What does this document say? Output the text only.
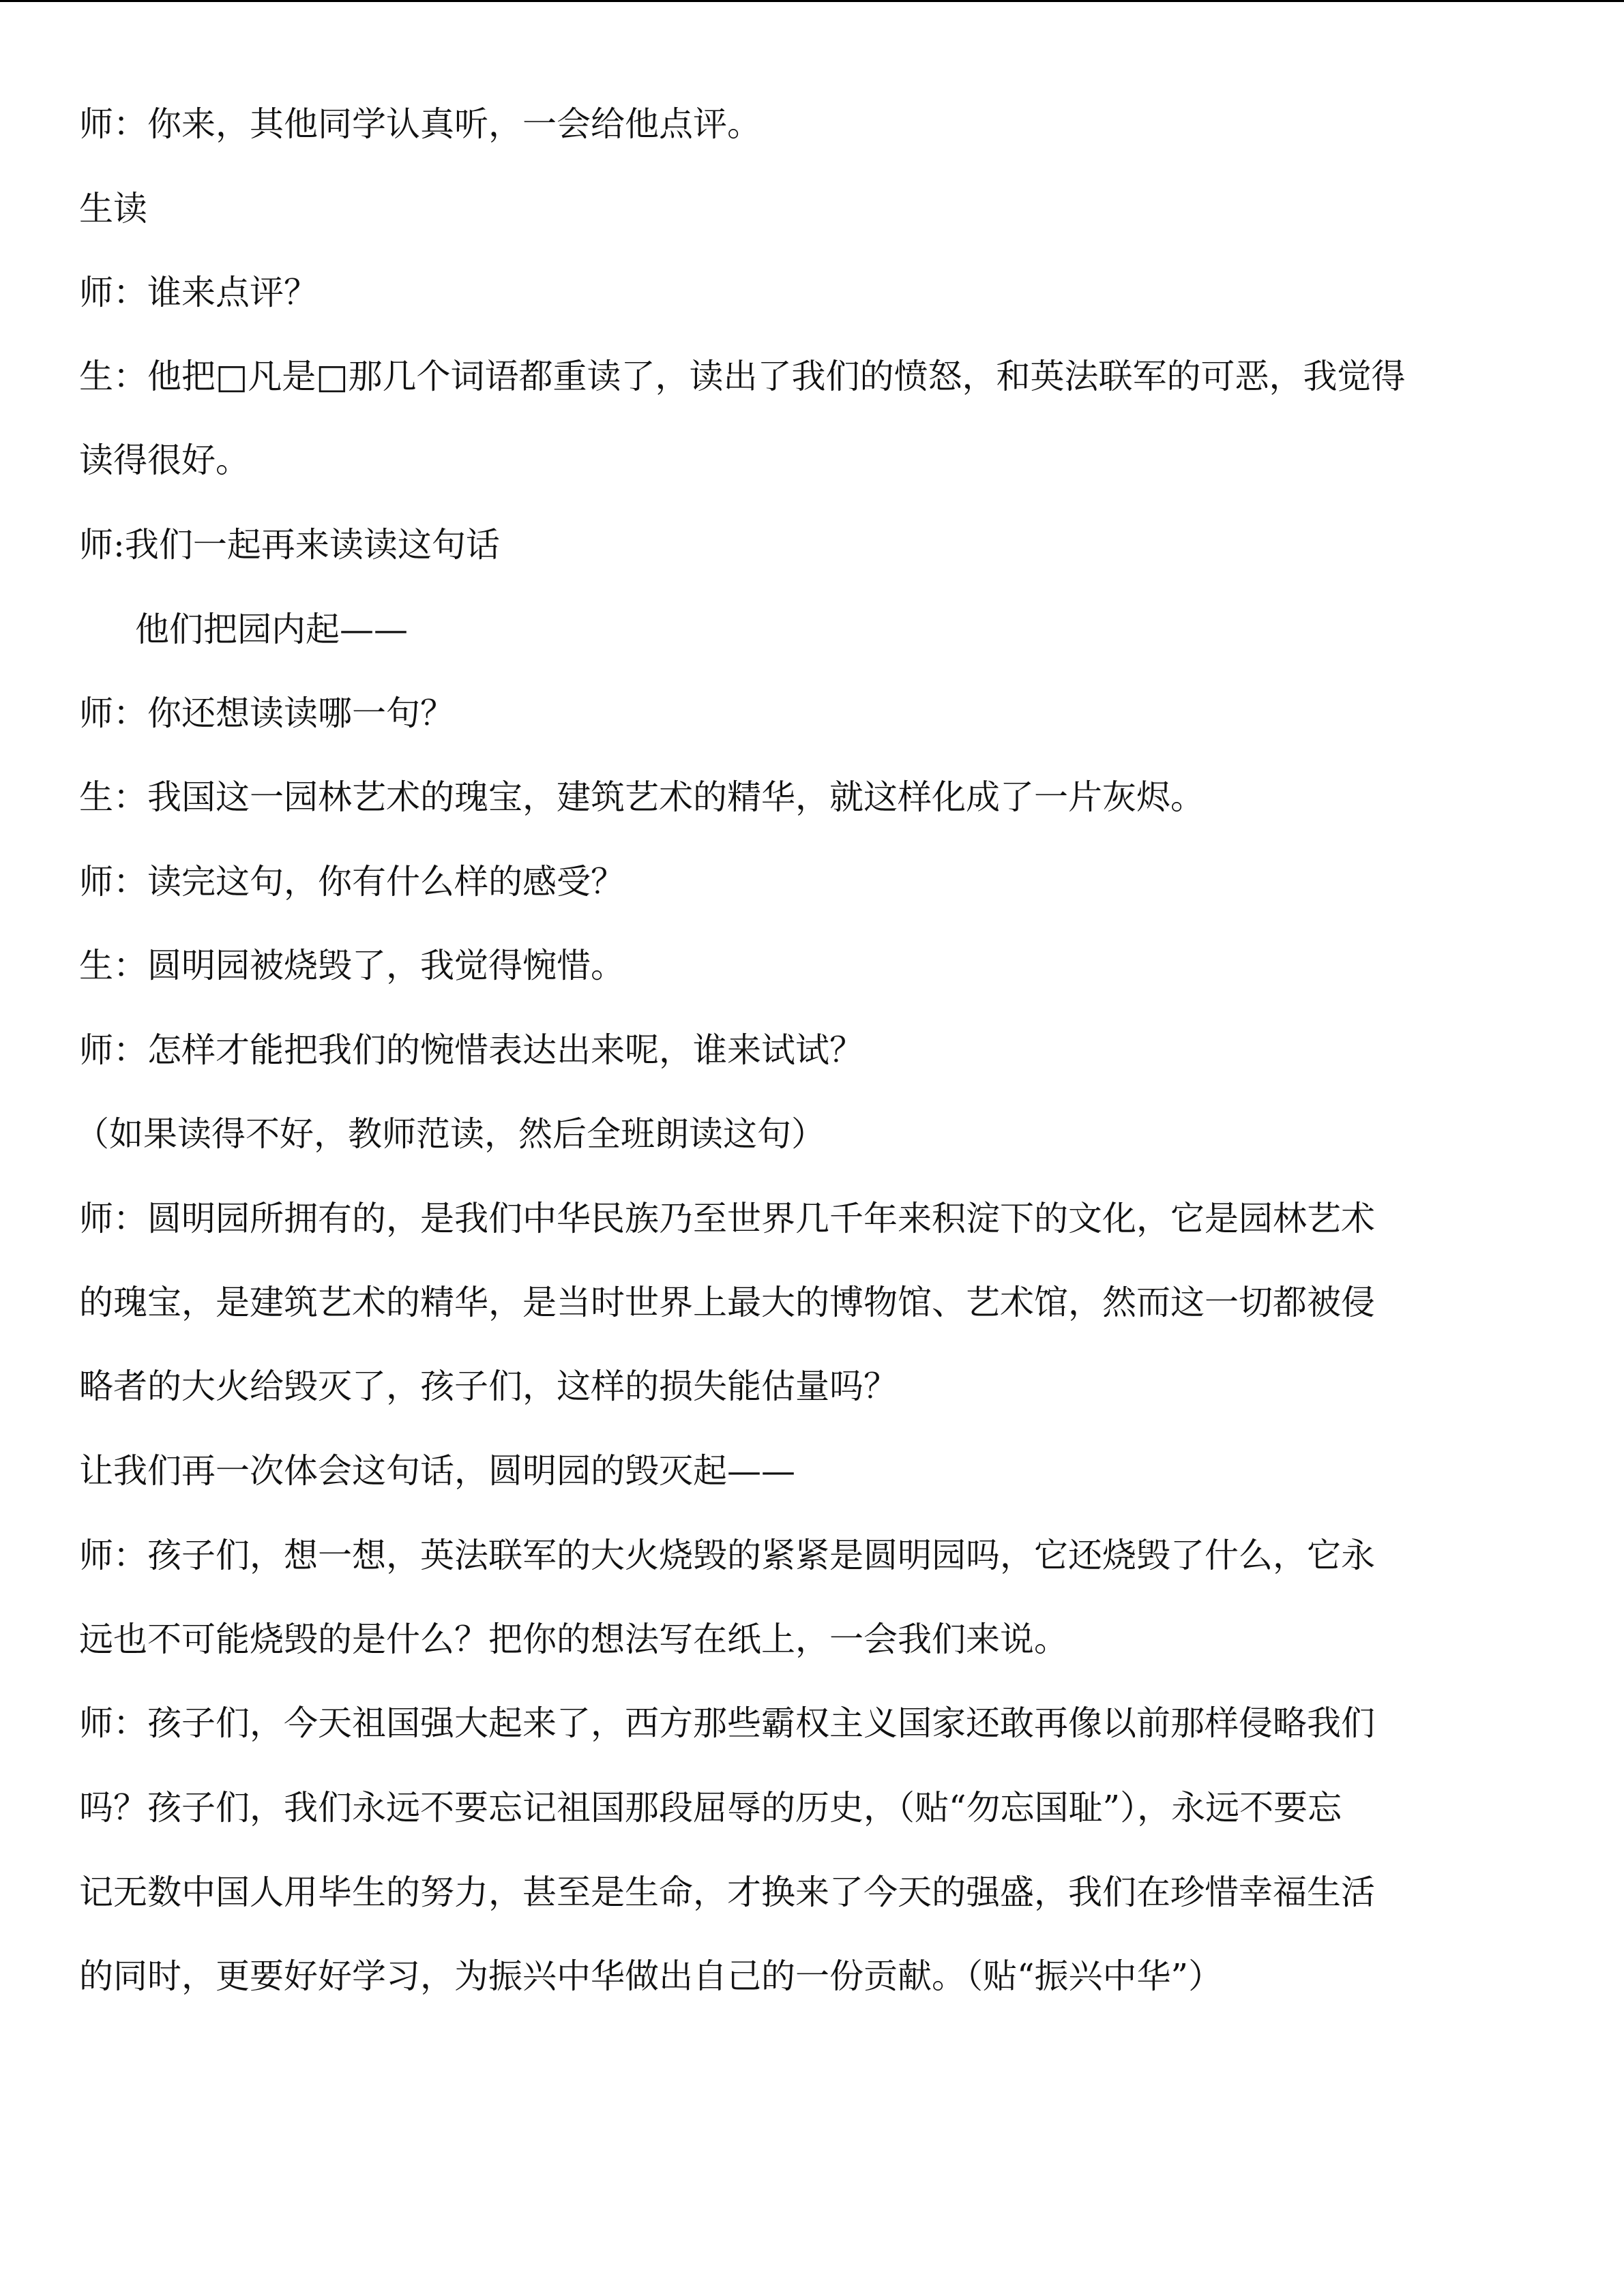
师：你来，其他同学认真听，一会给他点评。
生读
师：谁来点评？
生：他把□凡是□那几个词语都重读了，读出了我们的愤怒，和英法联军的可恶，我觉得
读得很好。
师:我们一起再来读读这句话
他们把园内起——
师：你还想读读哪一句？
生：我国这一园林艺术的瑰宝，建筑艺术的精华，就这样化成了一片灰烬。
师：读完这句，你有什么样的感受？
生：圆明园被烧毁了，我觉得惋惜。
师：怎样才能把我们的惋惜表达出来呢，谁来试试？
（如果读得不好，教师范读，然后全班朗读这句）
师：圆明园所拥有的，是我们中华民族乃至世界几千年来积淀下的文化，它是园林艺术
的瑰宝，是建筑艺术的精华，是当时世界上最大的博物馆、艺术馆，然而这一切都被侵
略者的大火给毁灭了，孩子们，这样的损失能估量吗？
让我们再一次体会这句话，圆明园的毁灭起——
师：孩子们，想一想，英法联军的大火烧毁的紧紧是圆明园吗，它还烧毁了什么，它永
远也不可能烧毁的是什么？把你的想法写在纸上，一会我们来说。
师：孩子们，今天祖国强大起来了，西方那些霸权主义国家还敢再像以前那样侵略我们
吗？孩子们，我们永远不要忘记祖国那段屈辱的历史，（贴“勿忘国耻”），永远不要忘
记无数中国人用毕生的努力，甚至是生命，才换来了今天的强盛，我们在珍惜幸福生活
的同时，更要好好学习，为振兴中华做出自己的一份贡献。（贴“振兴中华”）
